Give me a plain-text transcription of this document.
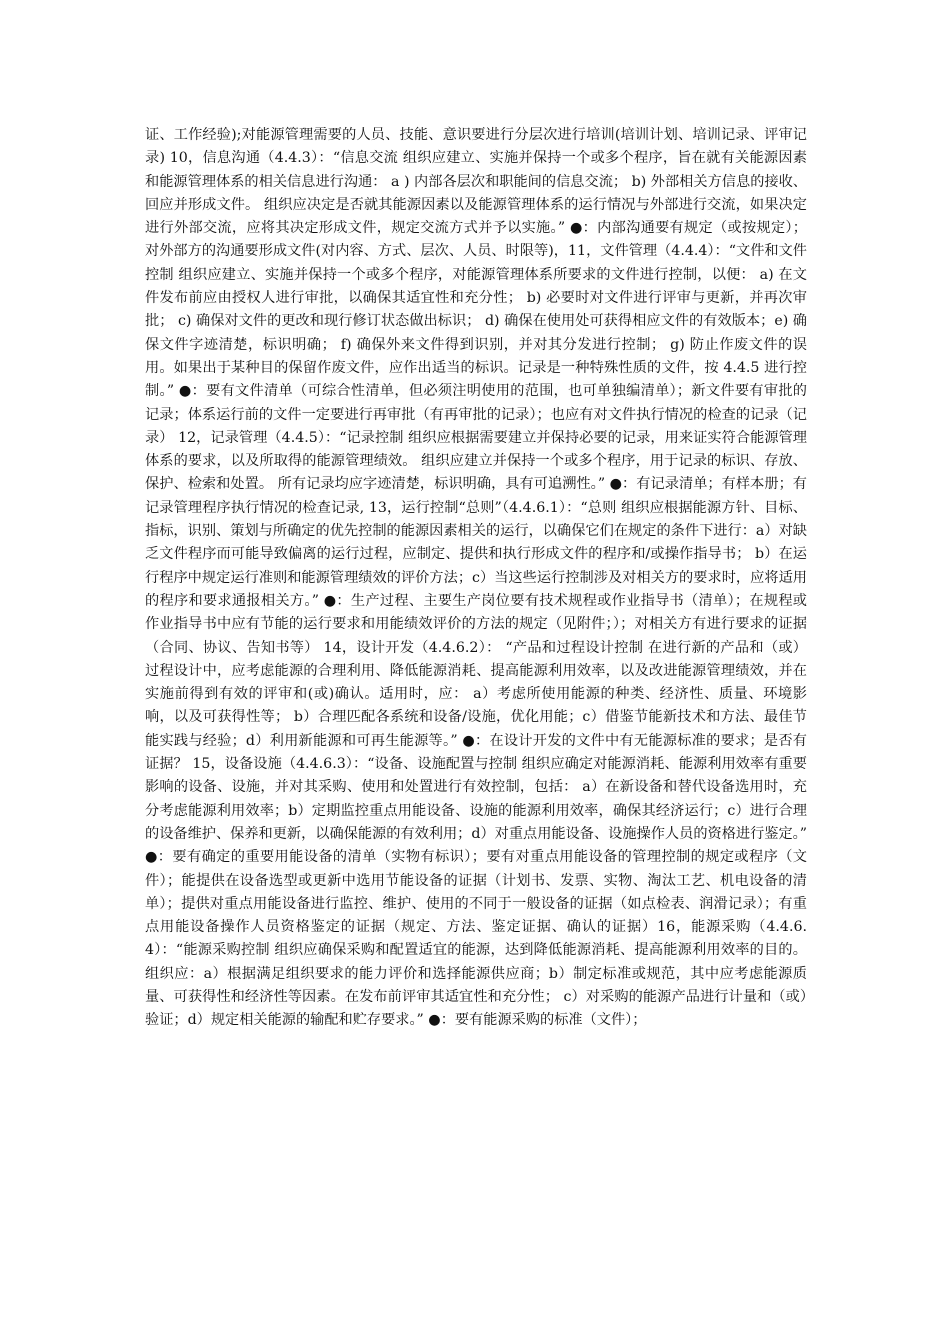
证、工作经验);对能源管理需要的人员、技能、意识要进行分层次进行培训(培训计划、培训记录、评审记录) 10，信息沟通（4.4.3）：“信息交流 组织应建立、实施并保持一个或多个程序，旨在就有关能源因素和能源管理体系的相关信息进行沟通： a ) 内部各层次和职能间的信息交流； b) 外部相关方信息的接收、回应并形成文件。 组织应决定是否就其能源因素以及能源管理体系的运行情况与外部进行交流，如果决定进行外部交流，应将其决定形成文件，规定交流方式并予以实施。” ●：内部沟通要有规定（或按规定）；对外部方的沟通要形成文件(对内容、方式、层次、人员、时限等)，11，文件管理（4.4.4）：“文件和文件控制 组织应建立、实施并保持一个或多个程序，对能源管理体系所要求的文件进行控制，以便： a) 在文件发布前应由授权人进行审批，以确保其适宜性和充分性； b) 必要时对文件进行评审与更新，并再次审批； c) 确保对文件的更改和现行修订状态做出标识； d) 确保在使用处可获得相应文件的有效版本；e) 确保文件字迹清楚，标识明确； f) 确保外来文件得到识别，并对其分发进行控制； g) 防止作废文件的误用。如果出于某种目的保留作废文件，应作出适当的标识。记录是一种特殊性质的文件，按 4.4.5 进行控制。” ●：要有文件清单（可综合性清单，但必须注明使用的范围，也可单独编清单）；新文件要有审批的记录；体系运行前的文件一定要进行再审批（有再审批的记录）；也应有对文件执行情况的检查的记录（记录） 12，记录管理（4.4.5）：“记录控制 组织应根据需要建立并保持必要的记录，用来证实符合能源管理体系的要求，以及所取得的能源管理绩效。 组织应建立并保持一个或多个程序，用于记录的标识、存放、保护、检索和处置。 所有记录均应字迹清楚，标识明确，具有可追溯性。” ●：有记录清单；有样本册；有记录管理程序执行情况的检查记录, 13，运行控制“总则”（4.4.6.1）：“总则 组织应根据能源方针、目标、指标，识别、策划与所确定的优先控制的能源因素相关的运行，以确保它们在规定的条件下进行：a）对缺乏文件程序而可能导致偏离的运行过程，应制定、提供和执行形成文件的程序和/或操作指导书； b）在运行程序中规定运行准则和能源管理绩效的评价方法；c）当这些运行控制涉及对相关方的要求时，应将适用的程序和要求通报相关方。” ●：生产过程、主要生产岗位要有技术规程或作业指导书（清单）；在规程或作业指导书中应有节能的运行要求和用能绩效评价的方法的规定（见附件；）；对相关方有进行要求的证据（合同、协议、告知书等） 14，设计开发（4.4.6.2）： “产品和过程设计控制 在进行新的产品和（或）过程设计中，应考虑能源的合理利用、降低能源消耗、提高能源利用效率，以及改进能源管理绩效，并在实施前得到有效的评审和(或)确认。适用时，应： a）考虑所使用能源的种类、经济性、质量、环境影响，以及可获得性等； b）合理匹配各系统和设备/设施，优化用能；c）借鉴节能新技术和方法、最佳节能实践与经验；d）利用新能源和可再生能源等。” ●：在设计开发的文件中有无能源标准的要求；是否有证据？ 15，设备设施（4.4.6.3）：“设备、设施配置与控制 组织应确定对能源消耗、能源利用效率有重要影响的设备、设施，并对其采购、使用和处置进行有效控制，包括： a）在新设备和替代设备选用时，充分考虑能源利用效率；b）定期监控重点用能设备、设施的能源利用效率，确保其经济运行；c）进行合理的设备维护、保养和更新，以确保能源的有效利用；d）对重点用能设备、设施操作人员的资格进行鉴定。” ●：要有确定的重要用能设备的清单（实物有标识）；要有对重点用能设备的管理控制的规定或程序（文件）；能提供在设备选型或更新中选用节能设备的证据（计划书、发票、实物、淘汰工艺、机电设备的清单）；提供对重点用能设备进行监控、维护、使用的不同于一般设备的证据（如点检表、润滑记录）；有重点用能设备操作人员资格鉴定的证据（规定、方法、鉴定证据、确认的证据）16，能源采购（4.4.6.4）：“能源采购控制 组织应确保采购和配置适宜的能源，达到降低能源消耗、提高能源利用效率的目的。 组织应：a）根据满足组织要求的能力评价和选择能源供应商；b）制定标准或规范，其中应考虑能源质量、可获得性和经济性等因素。在发布前评审其适宜性和充分性； c）对采购的能源产品进行计量和（或）验证；d）规定相关能源的输配和贮存要求。” ●：要有能源采购的标准（文件）；
